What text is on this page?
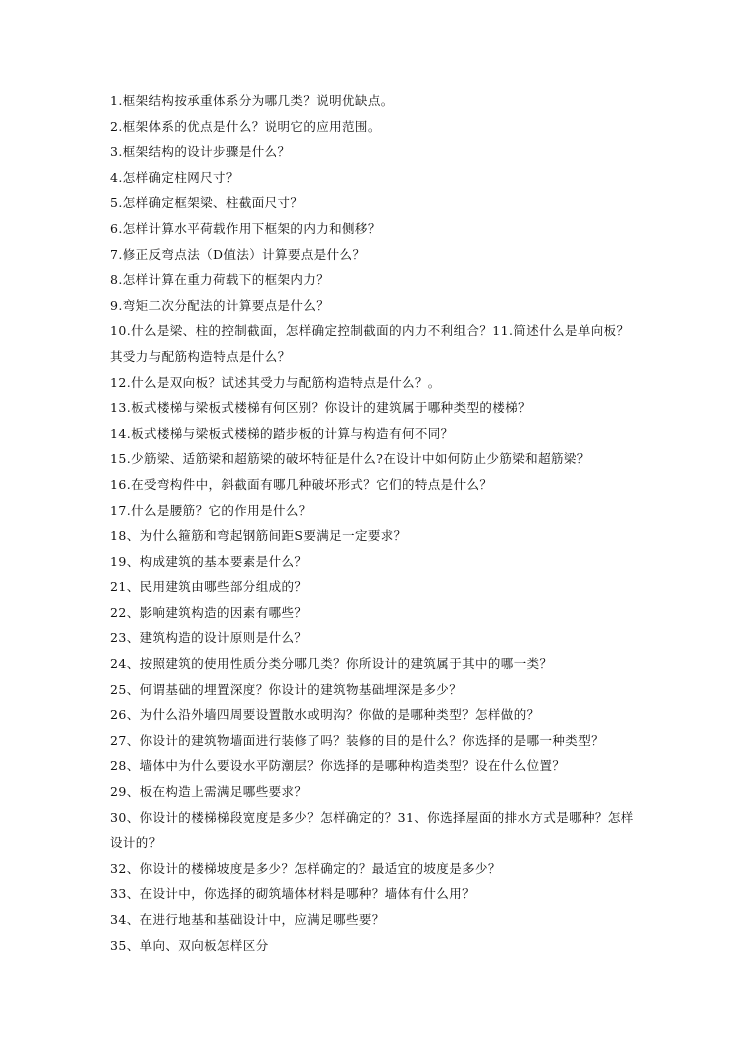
1.框架结构按承重体系分为哪几类？说明优缺点。
2.框架体系的优点是什么？说明它的应用范围。
3.框架结构的设计步骤是什么？
4.怎样确定柱网尺寸？
5.怎样确定框架梁、柱截面尺寸？
6.怎样计算水平荷载作用下框架的内力和侧移？
7.修正反弯点法（D值法）计算要点是什么？
8.怎样计算在重力荷载下的框架内力？
9.弯矩二次分配法的计算要点是什么？
10.什么是梁、柱的控制截面，怎样确定控制截面的内力不利组合？11.简述什么是单向板？
其受力与配筋构造特点是什么？
12.什么是双向板？试述其受力与配筋构造特点是什么？。
13.板式楼梯与梁板式楼梯有何区别？你设计的建筑属于哪种类型的楼梯？
14.板式楼梯与梁板式楼梯的踏步板的计算与构造有何不同？
15.少筋梁、适筋梁和超筋梁的破坏特征是什么?在设计中如何防止少筋梁和超筋梁？
16.在受弯构件中，斜截面有哪几种破坏形式？它们的特点是什么？
17.什么是腰筋？它的作用是什么？
18、为什么箍筋和弯起钢筋间距S要满足一定要求？
19、构成建筑的基本要素是什么？
21、民用建筑由哪些部分组成的？
22、影响建筑构造的因素有哪些？
23、建筑构造的设计原则是什么？
24、按照建筑的使用性质分类分哪几类？你所设计的建筑属于其中的哪一类？
25、何谓基础的埋置深度？你设计的建筑物基础埋深是多少？
26、为什么沿外墙四周要设置散水或明沟？你做的是哪种类型？怎样做的？
27、你设计的建筑物墙面进行装修了吗？装修的目的是什么？你选择的是哪一种类型？
28、墙体中为什么要设水平防潮层？你选择的是哪种构造类型？设在什么位置？
29、板在构造上需满足哪些要求？
30、你设计的楼梯梯段宽度是多少？怎样确定的？31、你选择屋面的排水方式是哪种？怎样
设计的？
32、你设计的楼梯坡度是多少？怎样确定的？最适宜的坡度是多少？
33、在设计中，你选择的砌筑墙体材料是哪种？墙体有什么用？
34、在进行地基和基础设计中，应满足哪些要？
35、单向、双向板怎样区分
